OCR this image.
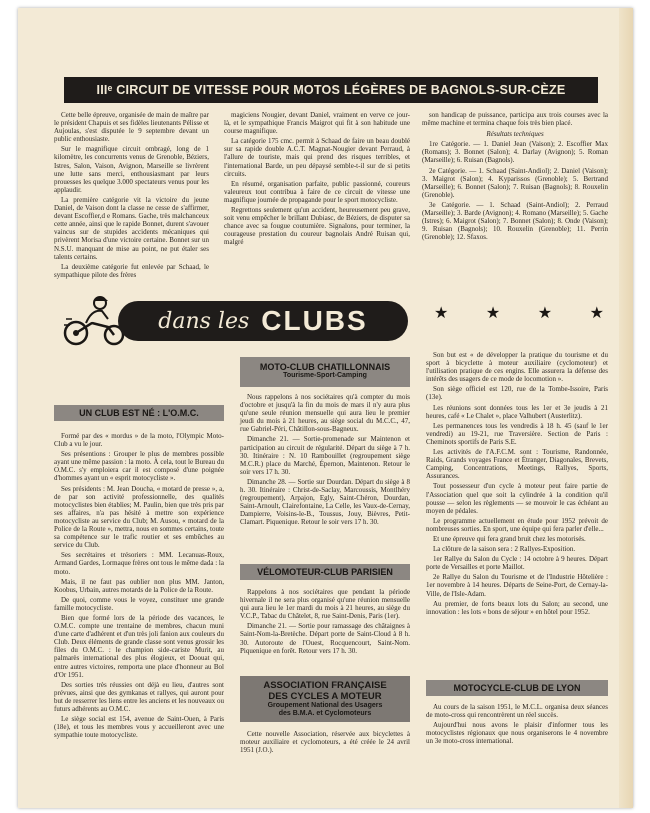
IIIᵉ CIRCUIT DE VITESSE POUR MOTOS LÉGÈRES DE BAGNOLS-SUR-CÈZE

Cette belle épreuve, organisée de main de maître par le président Chapuis et ses fidèles lieutenants Pélisse et Aujoulas, s'est disputée le 9 septembre devant un public enthousiaste.

Sur le magnifique circuit ombragé, long de 1 kilomètre, les concurrents venus de Grenoble, Béziers, Istres, Salon, Vaison, Avignon, Marseille se livrèrent une lutte sans merci, enthousiasmant par leurs prouesses les quelque 3.000 spectateurs venus pour les applaudir.

La première catégorie vit la victoire du jeune Daniel, de Vaison dont la classe ne cesse de s'affirmer, devant Escoffier,d e Romans. Gache, très malchanceux cette année, ainsi que le rapide Bonnet, durent s'avouer vaincus sur de stupides accidents mécaniques qui privèrent Morisa d'une victoire certaine. Bonnet sur un N.S.U. manquant de mise au point, ne put étaler ses talents certains.

La deuxième catégorie fut enlevée par Schaad, le sympathique pilote des frères

magiciens Nougier, devant Daniel, vraiment en verve ce jour-là, et le sympathique Francis Maigrot qui fit à son habitude une course magnifique.

La catégorie 175 cmc. permit à Schaad de faire un beau doublé sur sa rapide double A.C.T. Magnat-Nougier devant Perraud, à l'allure de touriste, mais qui prend des risques terribles, et l'international Barde, un peu dépaysé semble-t-il sur de si petits circuits.

En résumé, organisation parfaite, public passionné, coureurs valeureux tout contribua à faire de ce circuit de vitesse une magnifique journée de propagande pour le sport motocycliste.

Regrettons seulement qu'un accident, heureusement peu grave, soit venu empêcher le brillant Dubiasc, de Béziers, de disputer sa chance avec sa fougue coutumière. Signalons, pour terminer, la courageuse prestation du coureur bagnolais André Ruisan qui, malgré

son handicap de puissance, participa aux trois courses avec la même machine et termina chaque fois très bien placé.

Résultats techniques

1re Catégorie. — 1. Daniel Jean (Vaison); 2. Escoffier Max (Romans); 3. Bonnet (Salon); 4. Darlay (Avignon); 5. Roman (Marseille); 6. Ruisan (Bagnols).

2e Catégorie. — 1. Schaad (Saint-Andiol); 2. Daniel (Vaison); 3. Maigrot (Salon); 4. Kyparissos (Grenoble); 5. Bertrand (Marseille); 6. Bonnet (Salon); 7. Ruisan (Bagnols); 8. Rouxelin (Grenoble).

3e Catégorie. — 1. Schaad (Saint-Andiol); 2. Perraud (Marseille); 3. Barde (Avignon); 4. Romano (Marseille); 5. Gache (Istres); 6. Maigrot (Salon); 7. Bonnet (Salon); 8. Onde (Vaison); 9. Ruisan (Bagnols); 10. Rouxelin (Grenoble); 11. Perrin (Grenoble); 12. Sfaxos.

★ ★ ★ ★
dans les CLUBS
UN CLUB EST NÉ : L'O.M.C.

Formé par des « mordus » de la moto, l'Olympic Moto-Club a vu le jour.

Ses présentions : Grouper le plus de membres possible ayant une même passion : la moto. À cela, tout le Bureau du O.M.C. s'y emploiera car il est composé d'une poignée d'hommes ayant un « esprit motocycliste ».

Ses présidents : M. Jean Doucha, « motard de presse », a, de par son activité professionnelle, des qualités motocyclistes bien établies; M. Paulin, bien que très pris par ses affaires, n'a pas hésité à mettre son expérience motocycliste au service du Club; M. Ausou, « motard de la Police de la Route », mettra, nous en sommes certains, toute sa compétence sur le trafic routier et ses embûches au service du Club.

Ses secrétaires et trésoriers : MM. Lecanuas-Roux, Armand Gardes, Lormaque frères ont tous le même dada : la moto.

Mais, il ne faut pas oublier non plus MM. Janton, Koobus, Urbain, autres motards de la Police de la Route.

De quoi, comme vous le voyez, constituer une grande famille motocycliste.

Bien que formé lors de la période des vacances, le O.M.C. compte une trentaine de membres, chacun muni d'une carte d'adhérent et d'un très joli fanion aux couleurs du Club. Deux éléments de grande classe sont venus grossir les files du O.M.C. : le champion side-cariste Murit, au palmarès international des plus élogieux, et Doouat qui, entre autres victoires, remporta une place d'honneur au Bol d'Or 1951.

Des sorties très réussies ont déjà eu lieu, d'autres sont prévues, ainsi que des gymkanas et rallyes, qui auront pour but de resserrer les liens entre les anciens et les nouveaux ou futurs adhérents au O.M.C.

Le siège social est 154, avenue de Saint-Ouen, à Paris (18e), et tous les membres vous y accueilleront avec une sympathie toute motocycliste.

MOTO-CLUB CHATILLONNAIS
Tourisme-Sport-Camping

Nous rappelons à nos sociétaires qu'à compter du mois d'octobre et jusqu'à la fin du mois de mars il n'y aura plus qu'une seule réunion mensuelle qui aura lieu le premier jeudi du mois à 21 heures, au siège social du M.C.C., 47, rue Gabriel-Péri, Châtillon-sous-Bagneux.

Dimanche 21. — Sortie-promenade sur Maintenon et participation au circuit de régularité. Départ du siège à 7 h. 30. Itinéraire : N. 10 Rambouillet (regroupement siège M.C.R.) place du Marché, Épernon, Maintenon. Retour le soir vers 17 h. 30.

Dimanche 28. — Sortie sur Dourdan. Départ du siège à 8 h. 30. Itinéraire : Christ-de-Saclay, Marcoussis, Montlhéry (regroupement), Arpajon, Egly, Saint-Chéron, Dourdan, Saint-Arnoult, Clairefontaine, La Celle, les Vaux-de-Cernay, Dampierre, Voisins-le-B., Toussus, Jouy, Bièvres, Petit-Clamart. Piquenique. Retour le soir vers 17 h. 30.

VÉLOMOTEUR-CLUB PARISIEN

Rappelons à nos sociétaires que pendant la période hivernale il ne sera plus organisé qu'une réunion mensuelle qui aura lieu le 1er mardi du mois à 21 heures, au siège du V.C.P., Tabac du Châtelet, 8, rue Saint-Denis, Paris (1er).

Dimanche 21. — Sortie pour ramassage des châtaignes à Saint-Nom-la-Bretèche. Départ porte de Saint-Cloud à 8 h. 30. Autoroute de l'Ouest, Rocquencourt, Saint-Nom. Piquenique en forêt. Retour vers 17 h. 30.

ASSOCIATION FRANÇAISE
DES CYCLES A MOTEUR
Groupement National des Usagers
des B.M.A. et Cyclomoteurs

Cette nouvelle Association, réservée aux bicyclettes à moteur auxiliaire et cyclomoteurs, a été créée le 24 avril 1951 (J.O.).

Son but est « de développer la pratique du tourisme et du sport à bicyclette à moteur auxiliaire (cyclomoteur) et l'utilisation pratique de ces engins. Elle assurera la défense des intérêts des usagers de ce mode de locomotion ».

Son siège officiel est 120, rue de la Tombe-Issoire, Paris (13e).

Les réunions sont données tous les 1er et 3e jeudis à 21 heures, café « Le Chalet », place Valhubert (Austerlitz).

Les permanences tous les vendredis à 18 h. 45 (sauf le 1er vendredi) au 19-21, rue Traversière. Section de Paris : Cheminots sportifs de Paris S.E.

Les activités de l'A.F.C.M. sont : Tourisme, Randonnée, Raids, Grands voyages France et Étranger, Diagonales, Brevets, Camping, Concentrations, Meetings, Rallyes, Sports, Assurances.

Tout possesseur d'un cycle à moteur peut faire partie de l'Association quel que soit la cylindrée à la condition qu'il pousse — selon les règlements — se mouvoir le cas échéant au moyen de pédales.

Le programme actuellement en étude pour 1952 prévoit de nombreuses sorties. En sport, une équipe qui fera parler d'elle...

Et une épreuve qui fera grand bruit chez les motorisés.

La clôture de la saison sera : 2 Rallyes-Exposition.

1er Rallye du Salon du Cycle : 14 octobre à 9 heures. Départ porte de Versailles et porte Maillot.

2e Rallye du Salon du Tourisme et de l'Industrie Hôtelière : 1er novembre à 14 heures. Départs de Seine-Port, de Cernay-la-Ville, de l'Isle-Adam.

Au premier, de forts beaux lots du Salon; au second, une innovation : les lots « bons de séjour » en hôtel pour 1952.

MOTOCYCLE-CLUB DE LYON

Au cours de la saison 1951, le M.C.L. organisa deux séances de moto-cross qui rencontrèrent un réel succès.

Aujourd'hui nous avons le plaisir d'informer tous les motocyclistes régionaux que nous organiserons le 4 novembre un 3e moto-cross international.
